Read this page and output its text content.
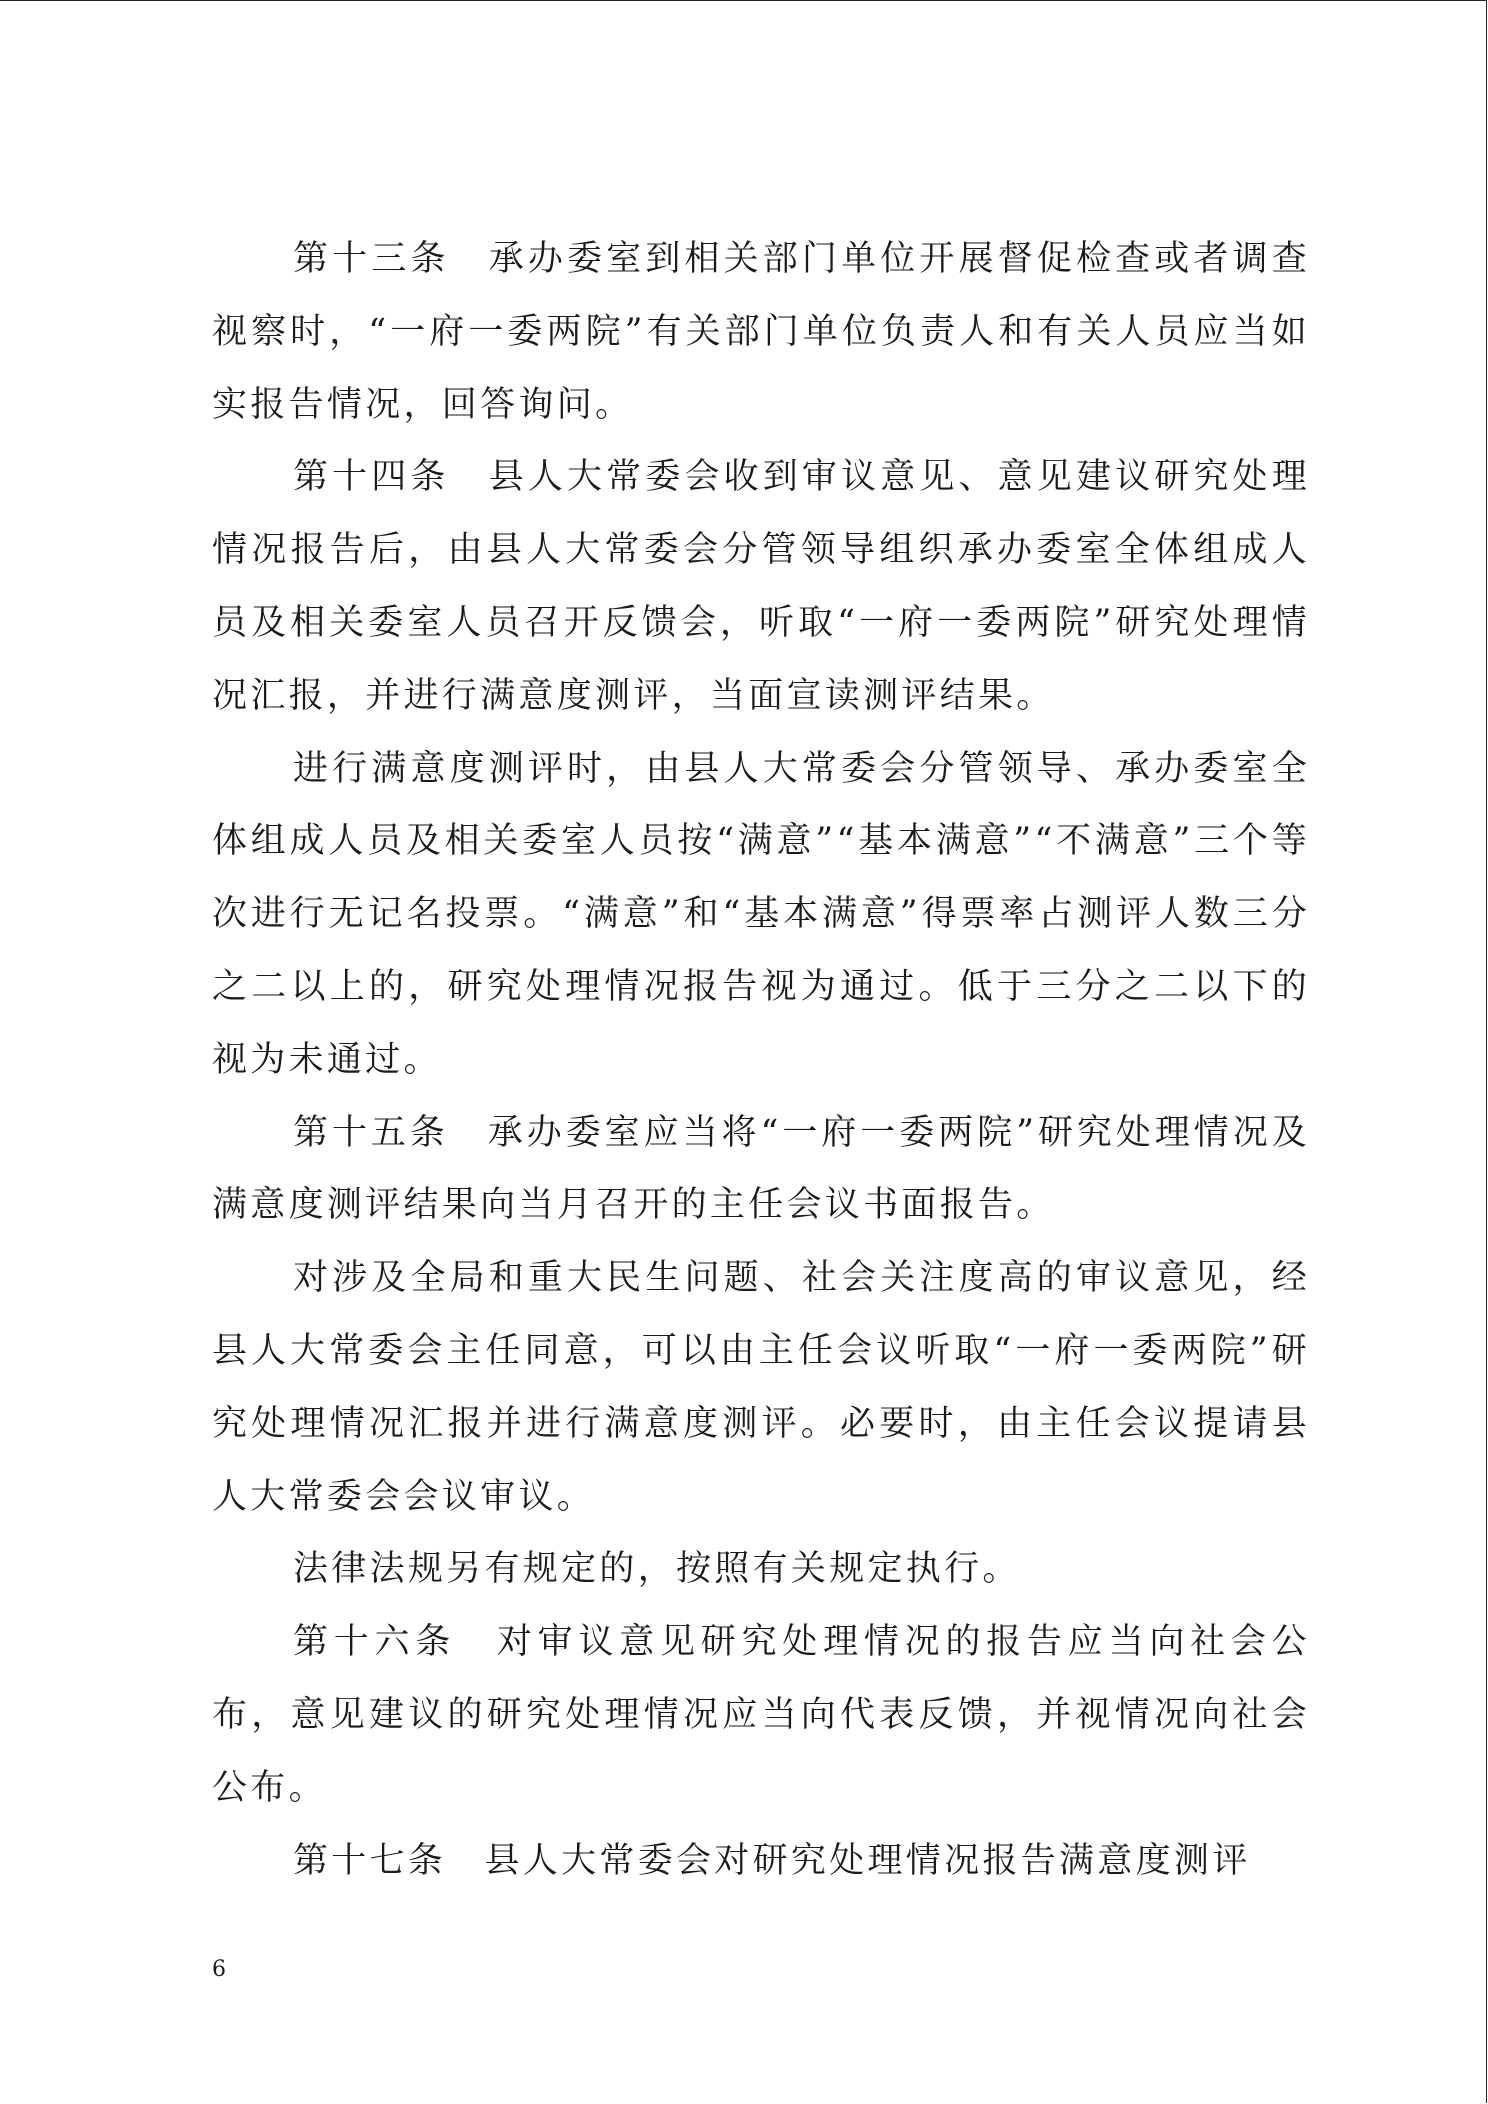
第十三条　承办委室到相关部门单位开展督促检查或者调查视察时，“一府一委两院”有关部门单位负责人和有关人员应当如实报告情况，回答询问。

第十四条　县人大常委会收到审议意见、意见建议研究处理情况报告后，由县人大常委会分管领导组织承办委室全体组成人员及相关委室人员召开反馈会，听取“一府一委两院”研究处理情况汇报，并进行满意度测评，当面宣读测评结果。

进行满意度测评时，由县人大常委会分管领导、承办委室全体组成人员及相关委室人员按“满意”“基本满意”“不满意”三个等次进行无记名投票。“满意”和“基本满意”得票率占测评人数三分之二以上的，研究处理情况报告视为通过。低于三分之二以下的视为未通过。

第十五条　承办委室应当将“一府一委两院”研究处理情况及满意度测评结果向当月召开的主任会议书面报告。

对涉及全局和重大民生问题、社会关注度高的审议意见，经县人大常委会主任同意，可以由主任会议听取“一府一委两院”研究处理情况汇报并进行满意度测评。必要时，由主任会议提请县人大常委会会议审议。

法律法规另有规定的，按照有关规定执行。

第十六条　对审议意见研究处理情况的报告应当向社会公布，意见建议的研究处理情况应当向代表反馈，并视情况向社会公布。

第十七条　县人大常委会对研究处理情况报告满意度测评

6
